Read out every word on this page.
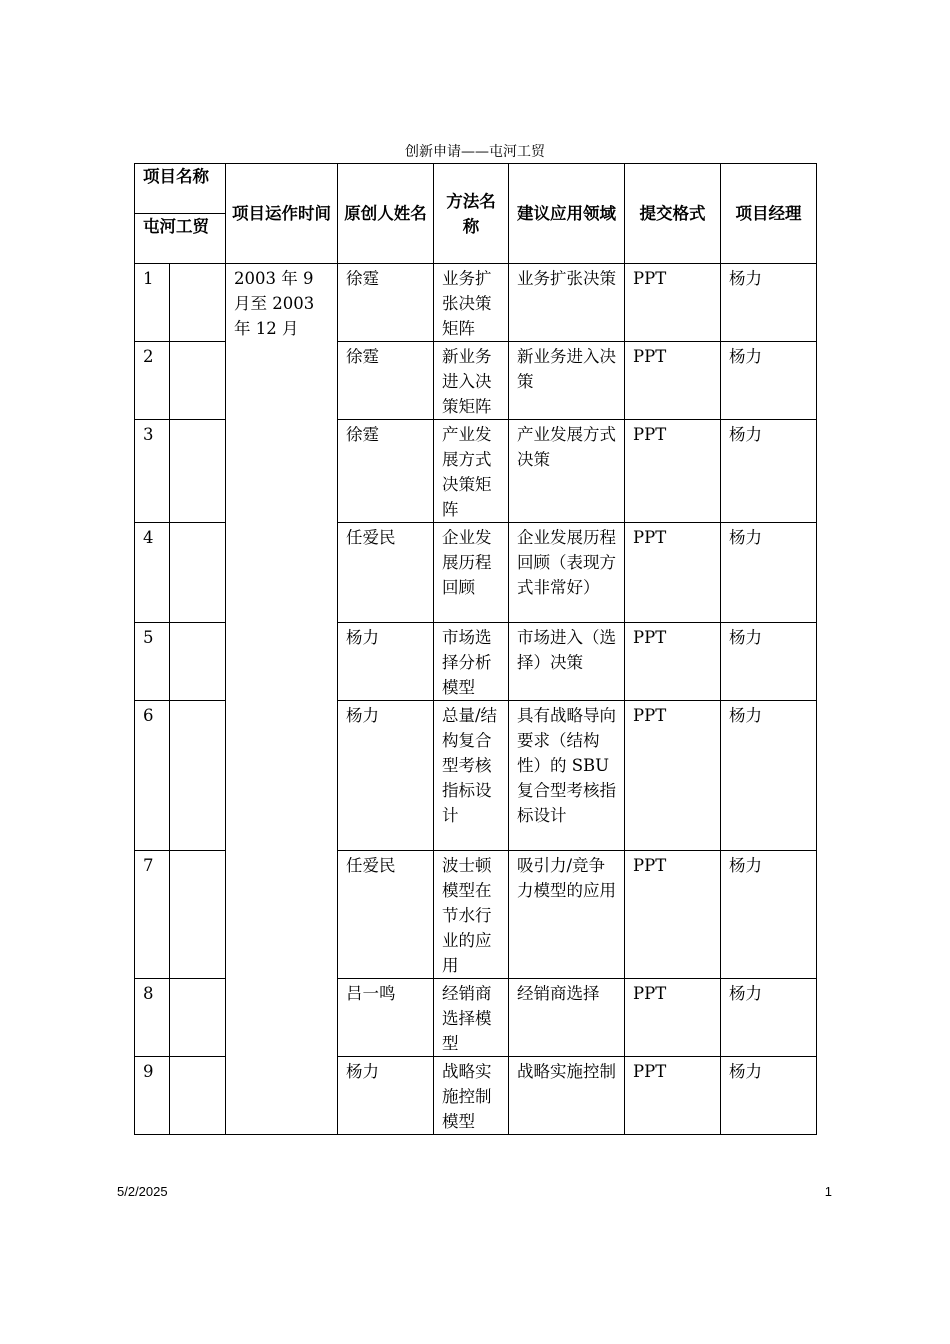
创新申请——屯河工贸
项目名称		项目运作时间	原创人姓名	方法名称	建议应用领域	提交格式	项目经理
屯河工贸							
1		2003 年 9 月至 2003 年 12 月	徐霆	业务扩张决策矩阵	业务扩张决策	PPT	杨力
2			徐霆	新业务进入决策矩阵	新业务进入决策	PPT	杨力
3			徐霆	产业发展方式决策矩阵	产业发展方式决策	PPT	杨力
4			任爱民	企业发展历程回顾	企业发展历程回顾（表现方式非常好）	PPT	杨力
5			杨力	市场选择分析模型	市场进入（选择）决策	PPT	杨力
6			杨力	总量/结构复合型考核指标设计	具有战略导向要求（结构性）的 SBU 复合型考核指标设计	PPT	杨力
7			任爱民	波士顿模型在节水行业的应用	吸引力/竞争力模型的应用	PPT	杨力
8			吕一鸣	经销商选择模型	经销商选择	PPT	杨力
9			杨力	战略实施控制模型	战略实施控制	PPT	杨力
5/2/2025	1
